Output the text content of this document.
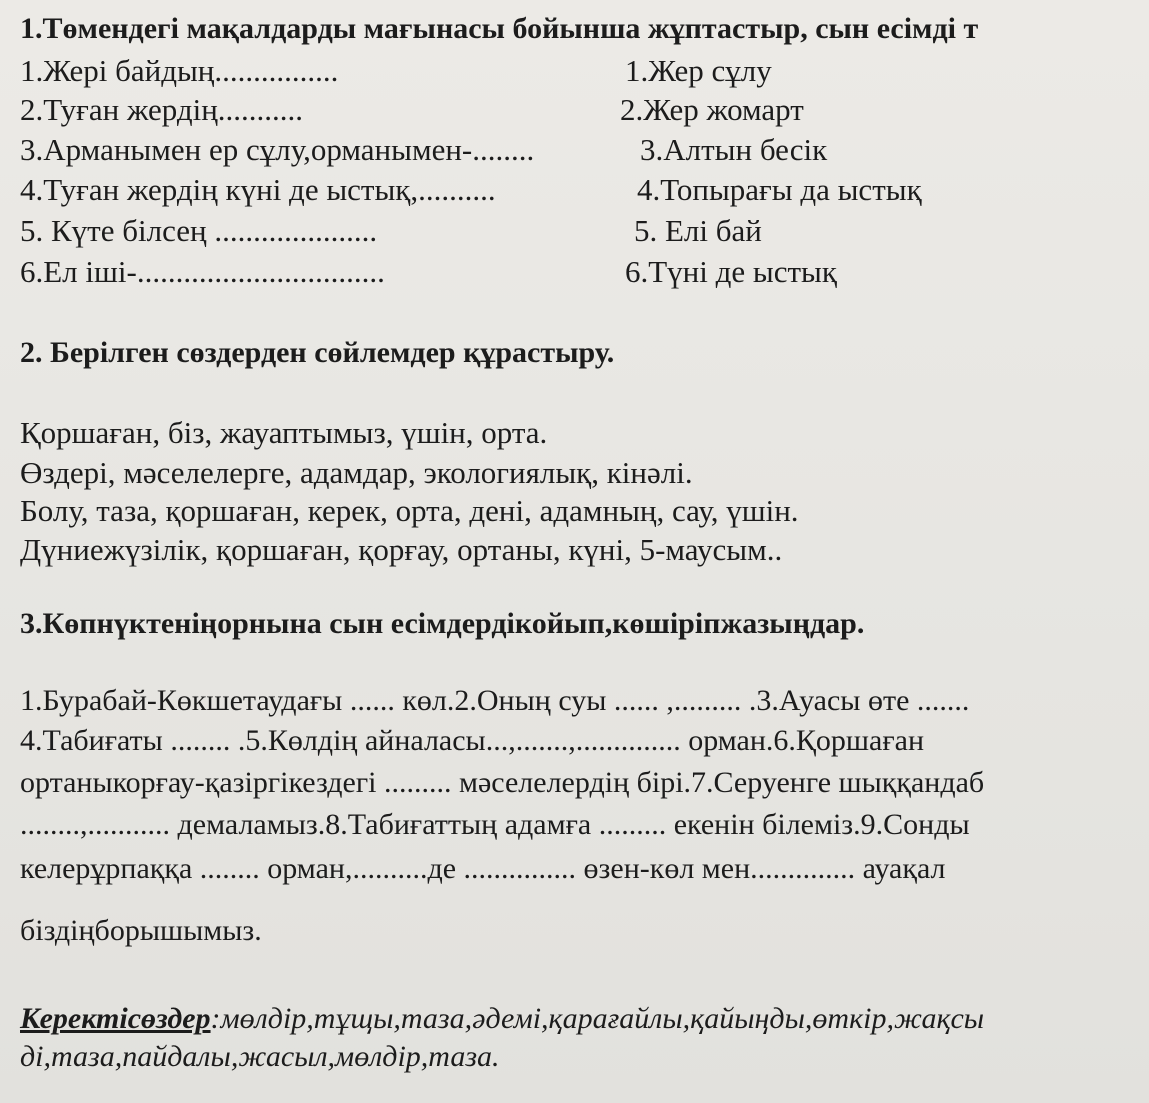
1.Төмендегі мақалдарды мағынасы бойынша жұптастыр, сын есімді т
1.Жері байдың................	1.Жер сұлу
2.Туған жердің...........	2.Жер жомарт
3.Арманымен ер сұлу,орманымен-........	3.Алтын бесік
4.Туған жердің күні де ыстық,..........	4.Топырағы да ыстық
5. Күте білсең .....................	5. Елі бай
6.Ел іші-................................	6.Түні де ыстық
2. Берілген сөздерден сөйлемдер құрастыру.
Қоршаған, біз, жауаптымыз, үшін, орта.
Өздері, мәселелерге, адамдар, экологиялық, кінәлі.
Болу, таза, қоршаған, керек, орта, дені, адамның, сау, үшін.
Дүниежүзілік, қоршаған, қорғау, ортаны, күні, 5-маусым..
3.Көпнүктеніңорнына сын есімдердікойып,көшіріпжазыңдар.
1.Бурабай-Көкшетаудағы ...... көл.2.Оның суы ...... ,......... .3.Ауасы өте .......
4.Табиғаты ........ .5.Көлдің айналасы...,.......,.............. орман.6.Қоршаған
ортаныкорғау-қазіргікездегі ......... мәселелердің бірі.7.Серуенге шыққандаб
........,........... демаламыз.8.Табиғаттың адамға ......... екенін білеміз.9.Сонды
келерұрпаққа ........ орман,..........де ............... өзен-көл мен.............. ауақал
біздіңборышымыз.
Керектісөздер:мөлдір,тұщы,таза,әдемі,қарағайлы,қайыңды,өткір,жақсы
ді,таза,пайдалы,жасыл,мөлдір,таза.
